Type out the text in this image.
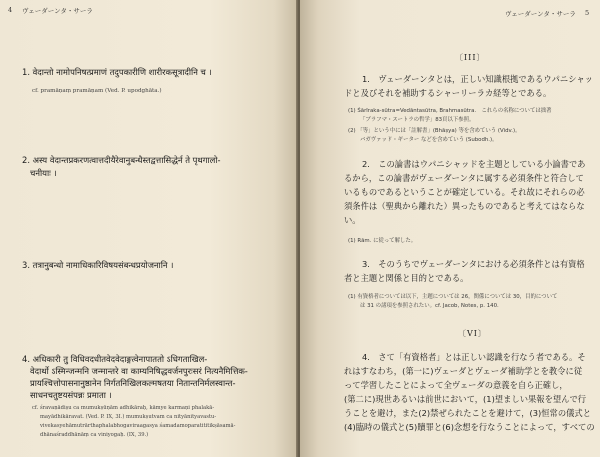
4 ヴェーダーンタ・サーラ
1. वेदान्तो नामोपनिषत्प्रमाणं तदुपकारीणि शारीरकसूत्रादीनि च ।
cf. pramāṇaṃ pramāṇam (Ved. P. upodghāta.)
2. अस्य वेदान्तप्रकरणत्वात्तदीयैरेवानुबन्धैस्तद्वत्तासिद्धेर्न ते पृथगालो-
चनीयाः ।
3. तत्रानुबन्धो नामाधिकारिविषयसंबन्धप्रयोजनानि ।
4. अधिकारी तु विधिवदधीतवेदवेदाङ्गत्वेनापाततो ऽधिगताखिल-
वेदार्थो ऽस्मिन्जन्मनि जन्मान्तरे वा काम्यनिषिद्धवर्जनपुरःसरं नित्यनैमित्तिक-
प्रायश्चित्तोपासनानुष्ठानेन निर्गतनिखिलकल्मषतया नितान्तनिर्मलस्वान्त-
साधनचतुष्टयसंपन्नः प्रमाता ।
cf. śravaṇādiṣu ca mumukṣūṇām adhikāraḥ, kāmye karmaṇi phalakā-
mayādhikāravat. (Ved. P. IX, 3I.) mumukṣutvam ca nityānityavastu-
vivekasyehāmutrārthaphalabhogaviraagasya śamadamoparatititikṣāsamā-
dhānaśraddhānāṃ ca viniyogaḥ. (IX, 39.)
ヴェーダーンタ・サーラ 5
〔III〕
1.　ヴェーダーンタとは，正しい知識根拠であるウパニシャッ
ドと及びそれを補助するシャーリーラカ経等とである。
(1) Śārīraka-sūtra=Vedāntasūtra, Brahmasūtra.　これらの名称については拙著
「ブラフマ・スートラの哲学」83頁以下参照。
(2) 「等」という中には「註解書」(Bhāṣya) 等を含めていう (Vidv.)。
バガヴァッド・ギーター などを含めていう (Subodh.)。
2.　この論書はウパニシャッドを主題としている小論書であ
るから，この論書がヴェーダーンタに属する必須条件と符合して
いるものであるということが確定している。それ故にそれらの必
須条件は（聖典から離れた）異ったものであると考えてはならな
い。
(1) Rām. に従って解した。
3.　そのうちでヴェーダーンタにおける必須条件とは有資格
者と主題と関係と目的とである。
(1) 有資格者については以下，主題については 26，関係については 30，目的について
は 31 の諸項を参照されたい。cf. Jacob, Notes, p. 140.
〔VI〕
4.　さて「有資格者」とは正しい認識を行なう者である。そ
れはすなわち，(第一に)ヴェーダとヴェーダ補助学とを教令に従
って学習したことによって全ヴェーダの意義を自ら正確し，
(第二に)現世あるいは前世において，(1)望ましい果報を望んで行
うことを避け，また(2)禁ぜられたことを避けて，(3)恒常の儀式と
(4)臨時の儀式と(5)贖罪と(6)念想を行なうことによって，すべての
